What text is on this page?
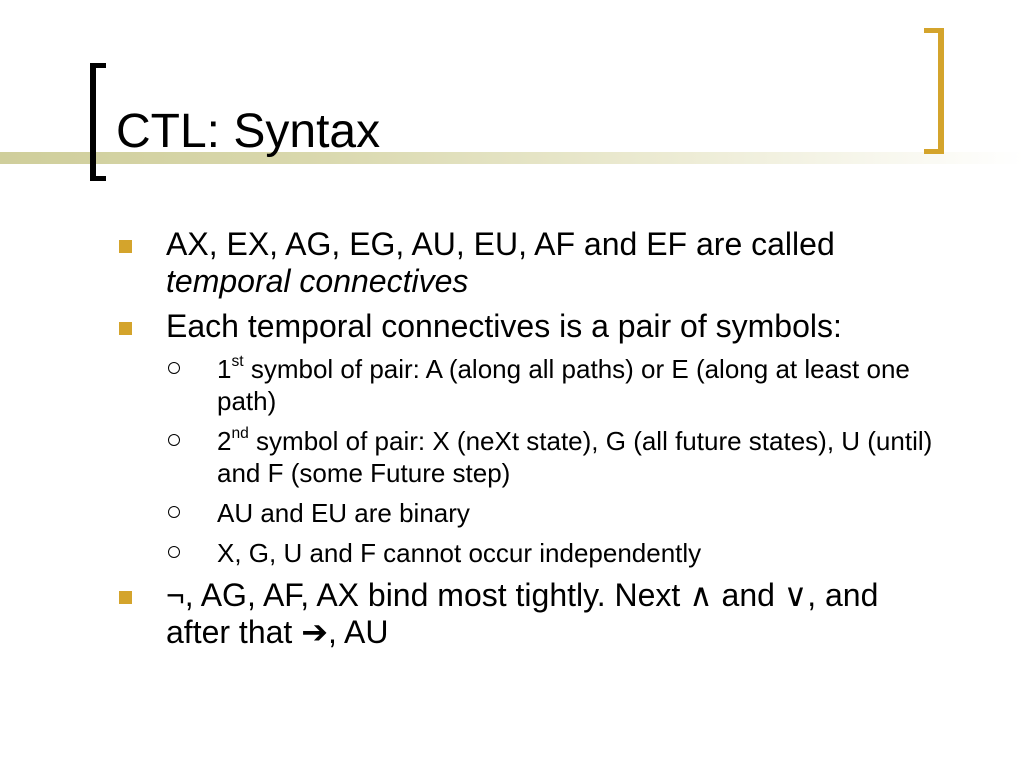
CTL: Syntax
AX, EX, AG, EG, AU, EU, AF and EF are called temporal connectives
Each temporal connectives is a pair of symbols:
1st symbol of pair: A (along all paths) or E (along at least one path)
2nd symbol of pair: X (neXt state), G (all future states), U (until) and F (some Future step)
AU and EU are binary
X, G, U and F cannot occur independently
¬, AG, AF, AX bind most tightly. Next ∧ and ∨, and after that ➔, AU
